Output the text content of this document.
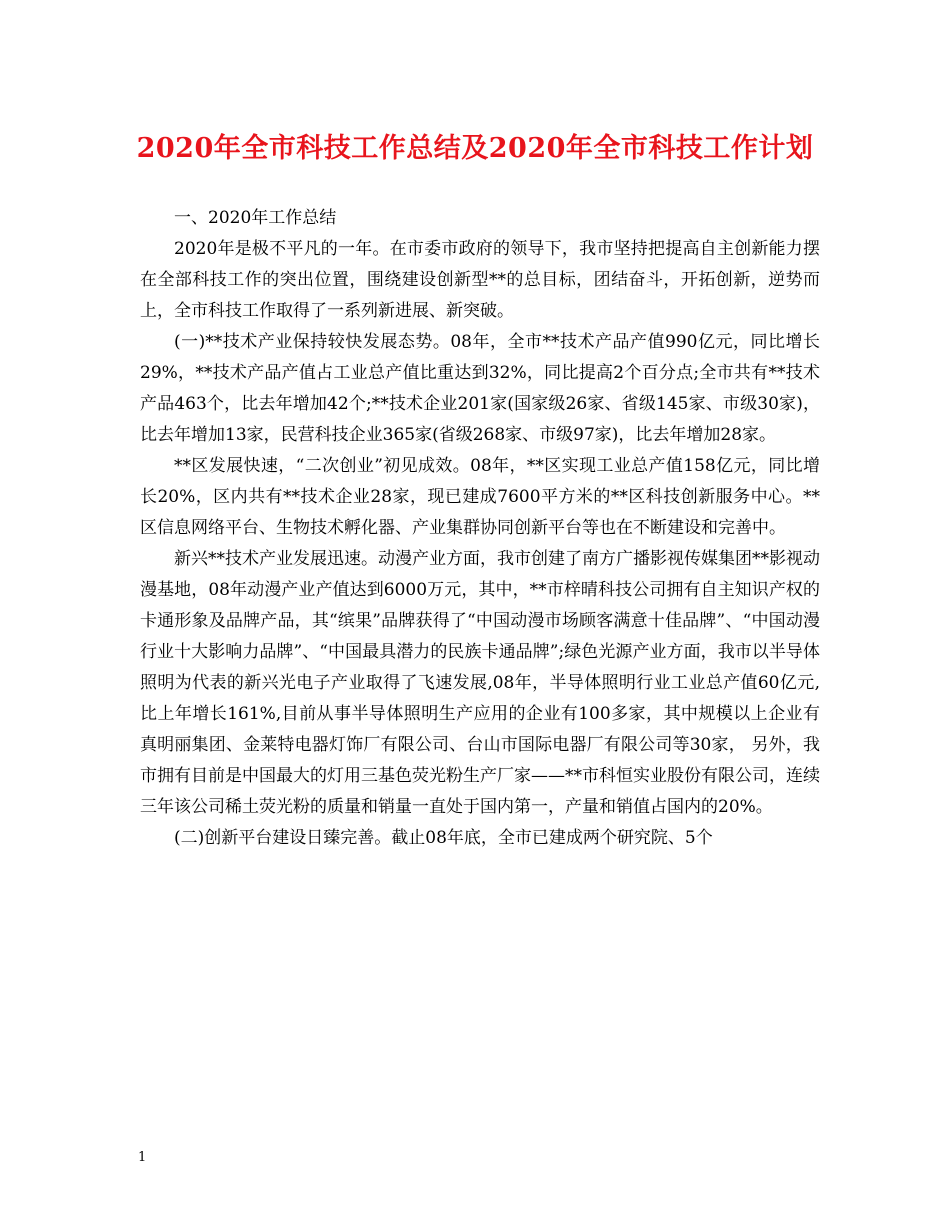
2020年全市科技工作总结及2020年全市科技工作计划

一、2020年工作总结

2020年是极不平凡的一年。在市委市政府的领导下，我市坚持把提高自主创新能力摆在全部科技工作的突出位置，围绕建设创新型**的总目标，团结奋斗，开拓创新，逆势而上，全市科技工作取得了一系列新进展、新突破。

(一)**技术产业保持较快发展态势。08年，全市**技术产品产值990亿元，同比增长29%，**技术产品产值占工业总产值比重达到32%，同比提高2个百分点;全市共有**技术产品463个，比去年增加42个;**技术企业201家(国家级26家、省级145家、市级30家)，比去年增加13家，民营科技企业365家(省级268家、市级97家)，比去年增加28家。

**区发展快速，“二次创业”初见成效。08年，**区实现工业总产值158亿元，同比增长20%，区内共有**技术企业28家，现已建成7600平方米的**区科技创新服务中心。**区信息网络平台、生物技术孵化器、产业集群协同创新平台等也在不断建设和完善中。

新兴**技术产业发展迅速。动漫产业方面，我市创建了南方广播影视传媒集团**影视动漫基地，08年动漫产业产值达到6000万元，其中，**市梓晴科技公司拥有自主知识产权的卡通形象及品牌产品，其“缤果”品牌获得了“中国动漫市场顾客满意十佳品牌”、“中国动漫行业十大影响力品牌”、“中国最具潜力的民族卡通品牌”;绿色光源产业方面，我市以半导体照明为代表的新兴光电子产业取得了飞速发展,08年，半导体照明行业工业总产值60亿元,比上年增长161%,目前从事半导体照明生产应用的企业有100多家，其中规模以上企业有真明丽集团、金莱特电器灯饰厂有限公司、台山市国际电器厂有限公司等30家， 另外，我市拥有目前是中国最大的灯用三基色荧光粉生产厂家——**市科恒实业股份有限公司，连续三年该公司稀土荧光粉的质量和销量一直处于国内第一，产量和销值占国内的20%。

(二)创新平台建设日臻完善。截止08年底，全市已建成两个研究院、5个

1
